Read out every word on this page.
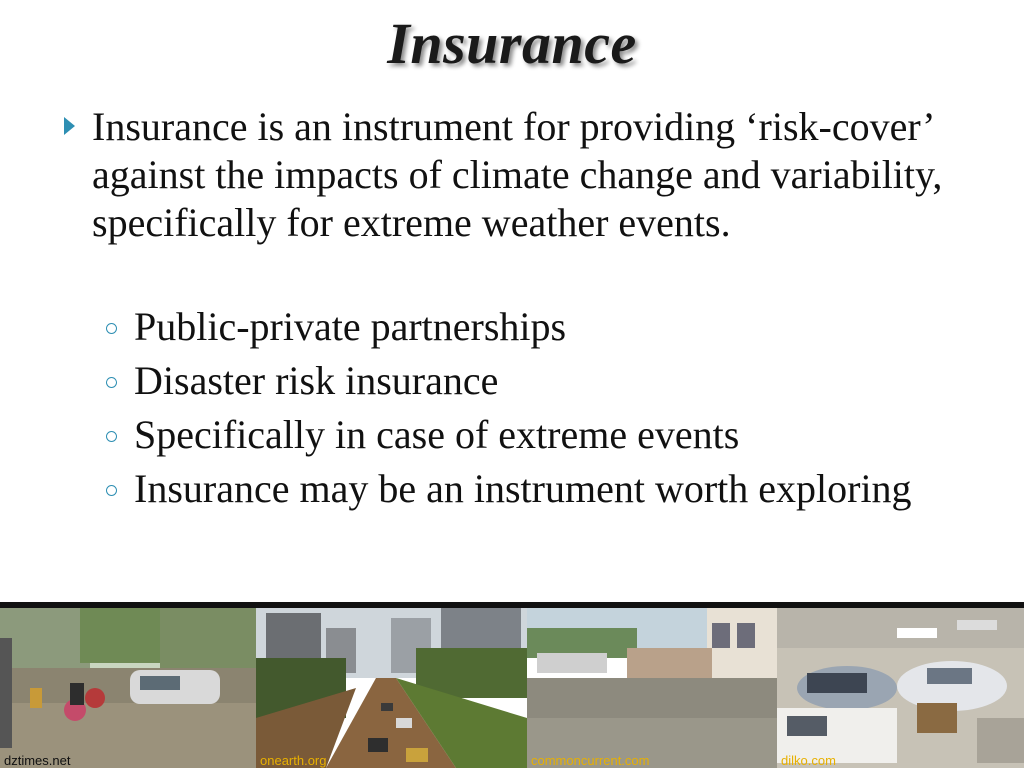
Insurance
Insurance is an instrument for providing ‘risk-cover’ against the impacts of climate change and variability, specifically for extreme weather events.
Public-private partnerships
Disaster risk insurance
Specifically in case of extreme events
Insurance may be an instrument worth exploring
dztimes.net	onearth.org	commoncurrent.com	dilko.com
